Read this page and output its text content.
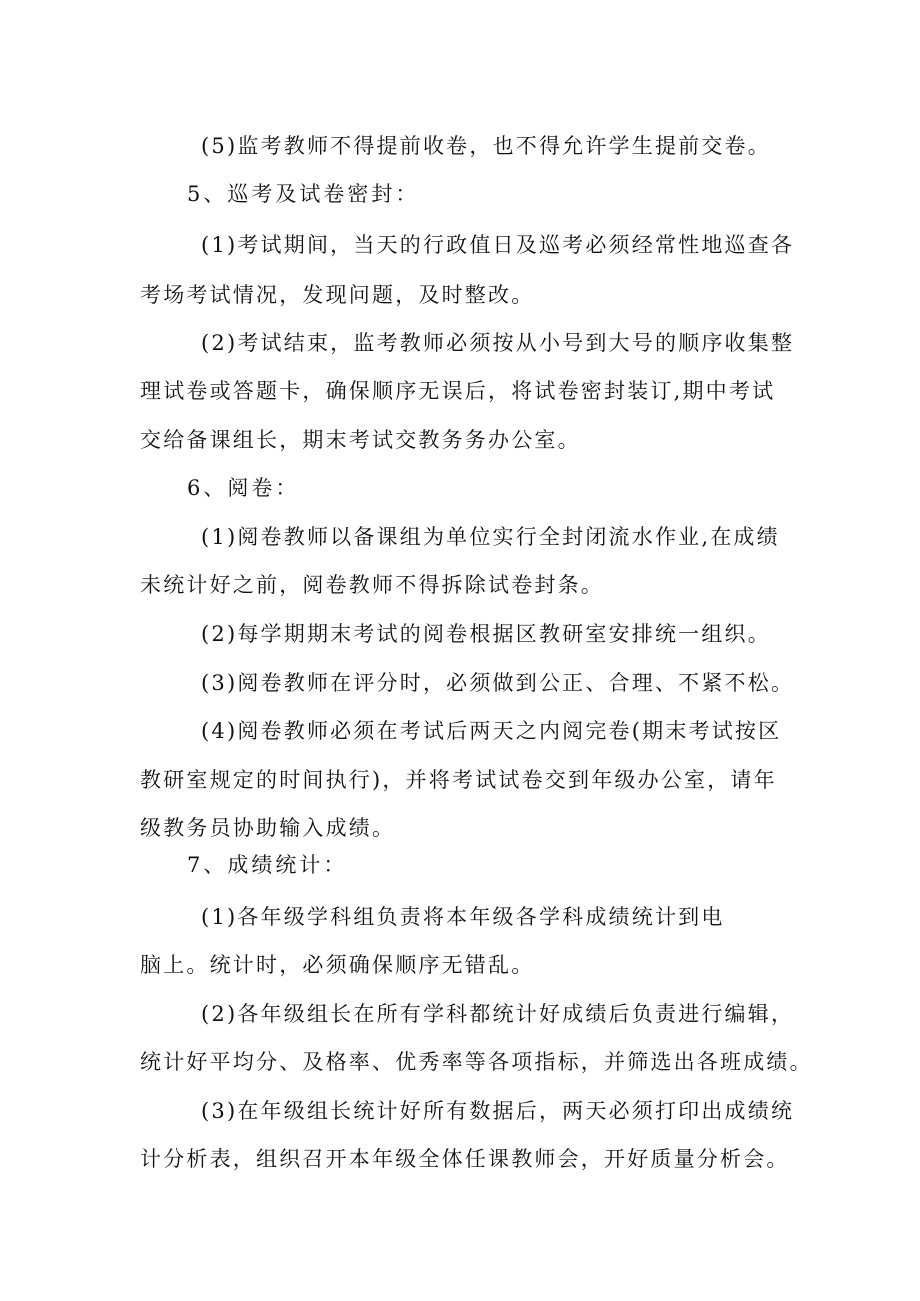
(5)监考教师不得提前收卷，也不得允许学生提前交卷。
5、巡考及试卷密封：
(1)考试期间，当天的行政值日及巡考必须经常性地巡查各
考场考试情况，发现问题，及时整改。
(2)考试结束，监考教师必须按从小号到大号的顺序收集整
理试卷或答题卡，确保顺序无误后，将试卷密封装订,期中考试
交给备课组长，期末考试交教务务办公室。
6、阅卷：
(1)阅卷教师以备课组为单位实行全封闭流水作业,在成绩
未统计好之前，阅卷教师不得拆除试卷封条。
(2)每学期期末考试的阅卷根据区教研室安排统一组织。
(3)阅卷教师在评分时，必须做到公正、合理、不紧不松。
(4)阅卷教师必须在考试后两天之内阅完卷(期末考试按区
教研室规定的时间执行)，并将考试试卷交到年级办公室，请年
级教务员协助输入成绩。
7、成绩统计：
(1)各年级学科组负责将本年级各学科成绩统计到电
脑上。统计时，必须确保顺序无错乱。
(2)各年级组长在所有学科都统计好成绩后负责进行编辑，
统计好平均分、及格率、优秀率等各项指标，并筛选出各班成绩。
(3)在年级组长统计好所有数据后，两天必须打印出成绩统
计分析表，组织召开本年级全体任课教师会，开好质量分析会。
